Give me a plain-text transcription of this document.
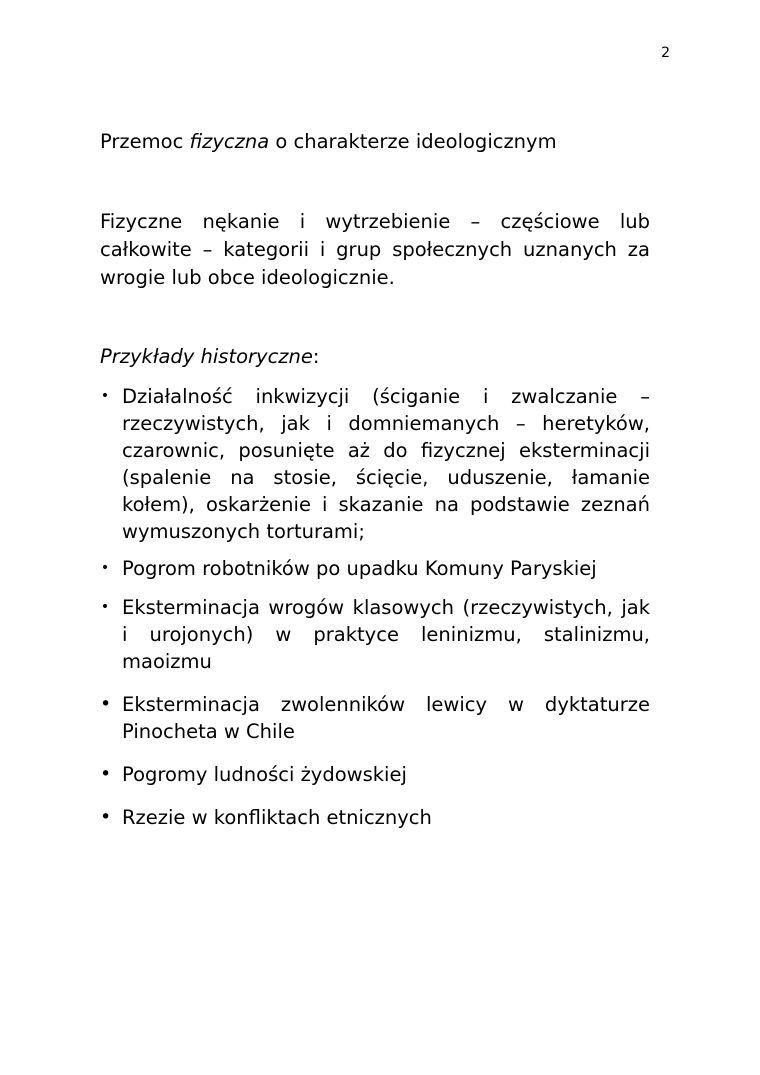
2
Przemoc fizyczna o charakterze ideologicznym

Fizyczne nękanie i wytrzebienie – częściowe lub całkowite – kategorii i grup społecznych uznanych za wrogie lub obce ideologicznie.

Przykłady historyczne:
• Działalność inkwizycji (ściganie i zwalczanie – rzeczywistych, jak i domniemanych – heretyków, czarownic, posunięte aż do fizycznej eksterminacji (spalenie na stosie, ścięcie, uduszenie, łamanie kołem), oskarżenie i skazanie na podstawie zeznań wymuszonych torturami;
• Pogrom robotników po upadku Komuny Paryskiej
• Eksterminacja wrogów klasowych (rzeczywistych, jak i urojonych) w praktyce leninizmu, stalinizmu, maoizmu
• Eksterminacja zwolenników lewicy w dyktaturze Pinocheta w Chile
• Pogromy ludności żydowskiej
• Rzezie w konfliktach etnicznych
